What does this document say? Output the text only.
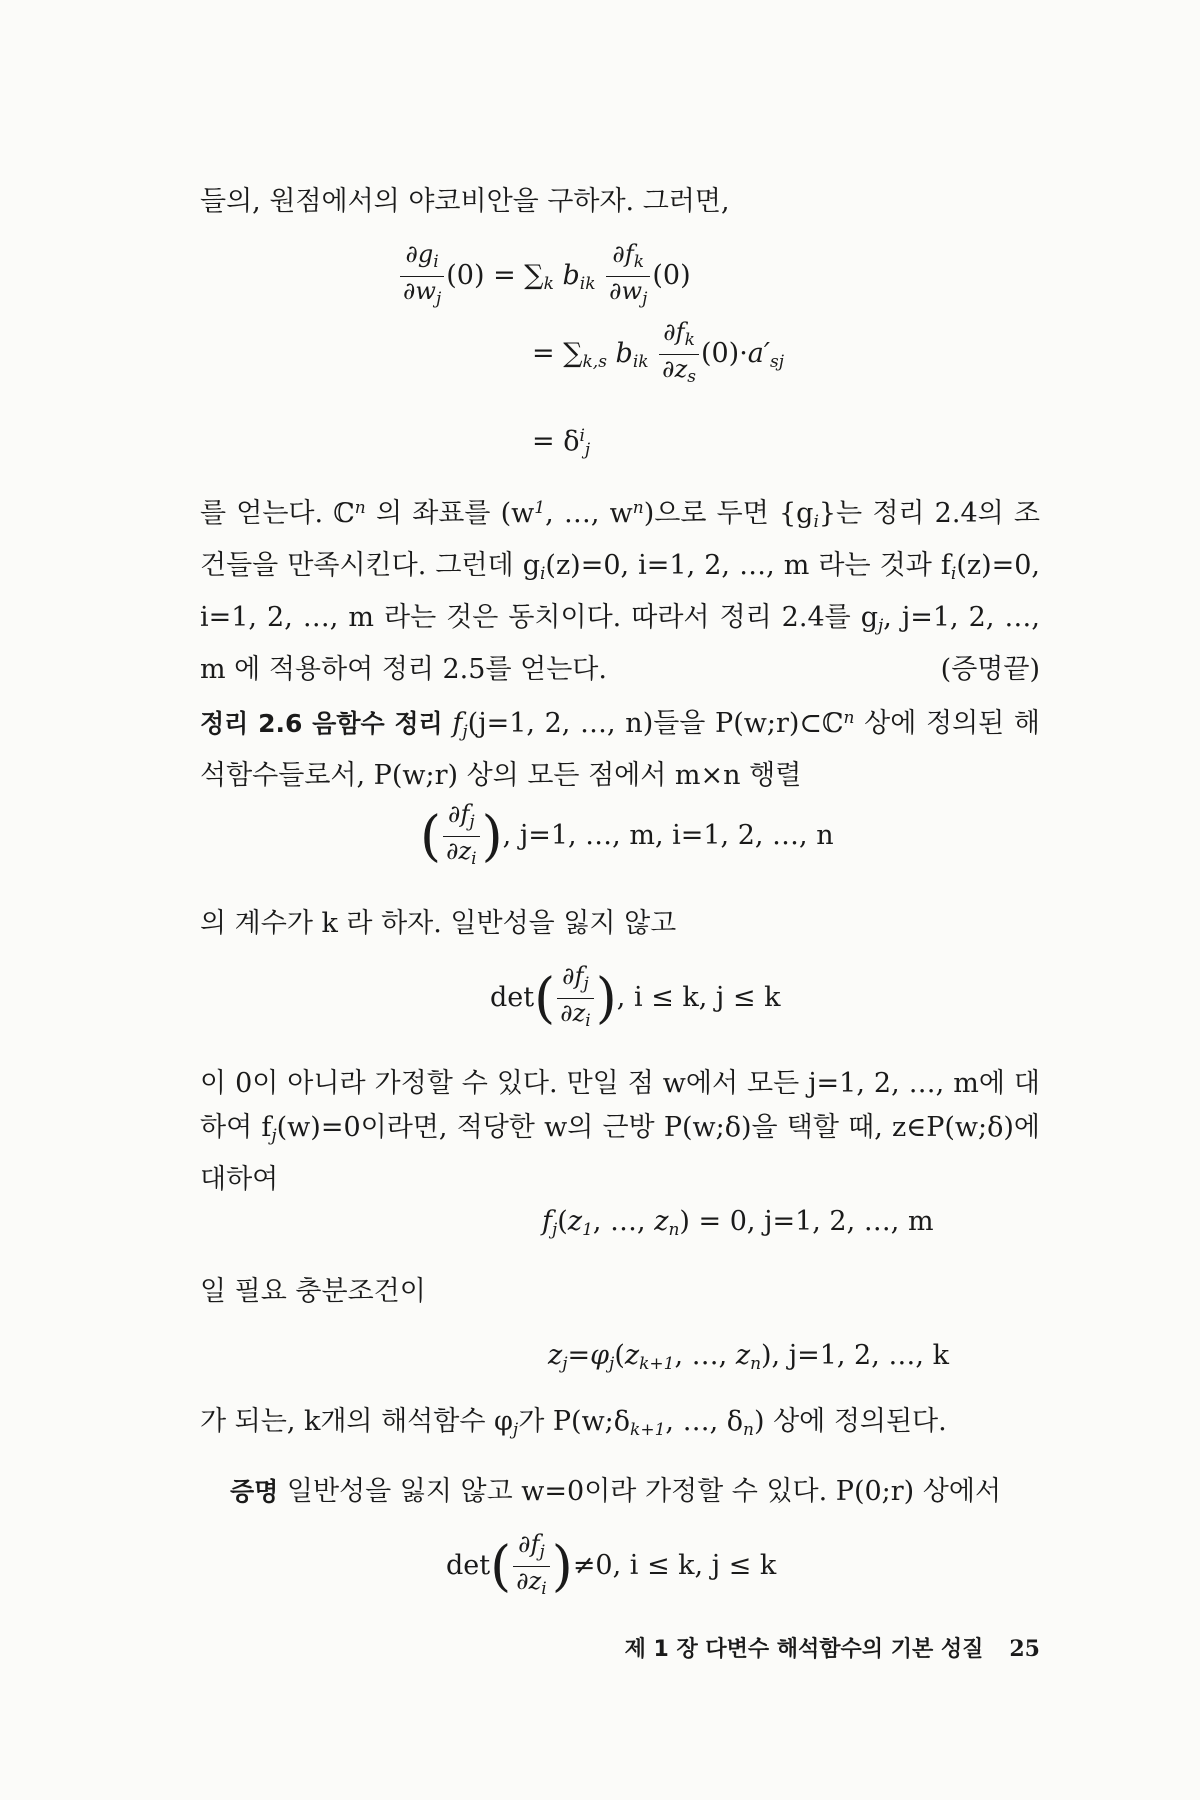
들의, 원점에서의 야코비안을 구하자. 그러면,

$\frac{\partial g_i}{\partial w_j} (0) = \sum_k$ $b_{ik} \frac{\partial f_k}{\partial w_j} (0)$
= $\sum_{k,s}$ $b_{ik} \frac{\partial f_k}{\partial z_s} (0)\cdot a'_{sj}$
= $\delta^i_j$

를 얻는다. ℂ$^n$ 의 좌표를 ($w^1$, …, $w^n$)으로 두면 $\{g_i\}$는 정리 2.4의 조건들을 만족시킨다. 그런데 $g_i(z)=0$, i=1, 2, …, m 라는 것과 $f_i(z)=0$, i=1, 2, …, m 라는 것은 동치이다. 따라서 정리 2.4를 $g_j$, j=1, 2, …, m 에 적용하여 정리 2.5를 얻는다.	(증명끝)

정리 2.6 음함수 정리 $f_j(j=1$, 2, …, n)들을 P(w;r)⊂ℂ$^n$ 상에 정의된 해석함수들로서, P(w;r) 상의 모든 점에서 m×n 행렬

( $\frac{\partial f_j}{\partial z_i}$ ), j=1, …, m, i=1, 2, …, n

의 계수가 k 라 하자. 일반성을 잃지 않고

$\det( \frac{\partial f_j}{\partial z_i}$ ), i ≤ k, j ≤ k

이 0이 아니라 가정할 수 있다. 만일 점 w에서 모든 j=1, 2, …, m에 대하여 $f_j(w)=0$이라면, 적당한 w의 근방 P(w;δ)을 택할 때, z∈P(w;δ)에 대하여

$f_j(z_1$, …, $z_n) = 0$, j=1, 2, …, m

일 필요 충분조건이

$z_j=\varphi_j(z_{k+1}$, …, $z_n$), j=1, 2, …, k

가 되는, k개의 해석함수 $\varphi_j$가 $P(w;\delta_{k+1}$, …, $\delta_n$) 상에 정의된다.

증명 일반성을 잃지 않고 w=0이라 가정할 수 있다. P(0;r) 상에서

$\det( \frac{\partial f_j}{\partial z_i} )\ne 0$, i ≤ k, j ≤ k
제 1 장 다변수 해석함수의 기본 성질 25
